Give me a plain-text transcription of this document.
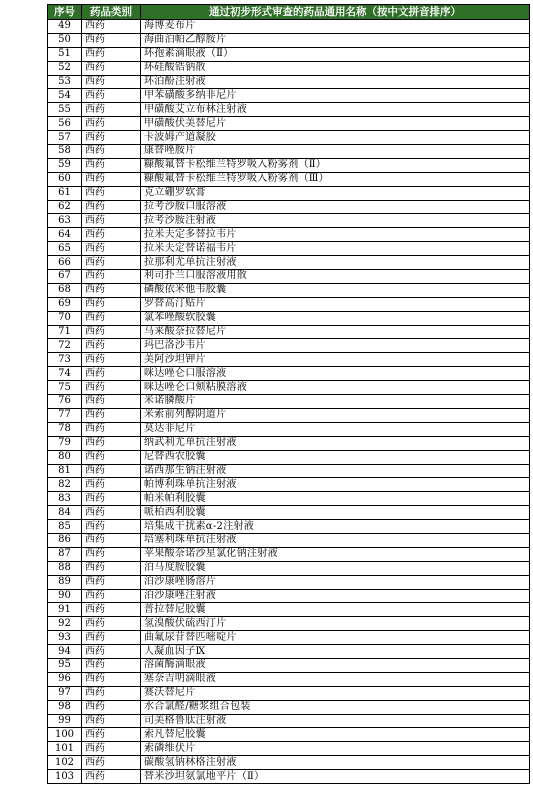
序号	药品类别	通过初步形式审查的药品通用名称（按中文拼音排序）
49	西药	海博麦布片
50	西药	海曲泊帕乙醇胺片
51	西药	环孢素滴眼液（Ⅱ）
52	西药	环硅酸锆钠散
53	西药	环泊酚注射液
54	西药	甲苯磺酸多纳非尼片
55	西药	甲磺酸艾立布林注射液
56	西药	甲磺酸伏美替尼片
57	西药	卡波姆产道凝胶
58	西药	康替唑胺片
59	西药	糠酸氟替卡松维兰特罗吸入粉雾剂（Ⅱ）
60	西药	糠酸氟替卡松维兰特罗吸入粉雾剂（Ⅲ）
61	西药	克立硼罗软膏
62	西药	拉考沙胺口服溶液
63	西药	拉考沙胺注射液
64	西药	拉米夫定多替拉韦片
65	西药	拉米夫定替诺福韦片
66	西药	拉那利尤单抗注射液
67	西药	利司扑兰口服溶液用散
68	西药	磷酸依米他韦胶囊
69	西药	罗替高汀贴片
70	西药	氯苯唑酸软胶囊
71	西药	马来酸奈拉替尼片
72	西药	玛巴洛沙韦片
73	西药	美阿沙坦钾片
74	西药	咪达唑仑口服溶液
75	西药	咪达唑仑口颊粘膜溶液
76	西药	米诺膦酸片
77	西药	米索前列醇阴道片
78	西药	莫达非尼片
79	西药	纳武利尤单抗注射液
80	西药	尼替西农胶囊
81	西药	诺西那生钠注射液
82	西药	帕博利珠单抗注射液
83	西药	帕米帕利胶囊
84	西药	哌柏西利胶囊
85	西药	培集成干扰素α-2注射液
86	西药	培塞利珠单抗注射液
87	西药	苹果酸奈诺沙星氯化钠注射液
88	西药	泊马度胺胶囊
89	西药	泊沙康唑肠溶片
90	西药	泊沙康唑注射液
91	西药	普拉替尼胶囊
92	西药	氢溴酸伏硫西汀片
93	西药	曲氟尿苷替匹嘧啶片
94	西药	人凝血因子Ⅸ
95	西药	溶菌酶滴眼液
96	西药	塞奈吉明滴眼液
97	西药	赛沃替尼片
98	西药	水合氯醛/糖浆组合包装
99	西药	司美格鲁肽注射液
100	西药	索凡替尼胶囊
101	西药	索磷维伏片
102	西药	碳酸氢钠林格注射液
103	西药	替米沙坦氨氯地平片（Ⅱ）
